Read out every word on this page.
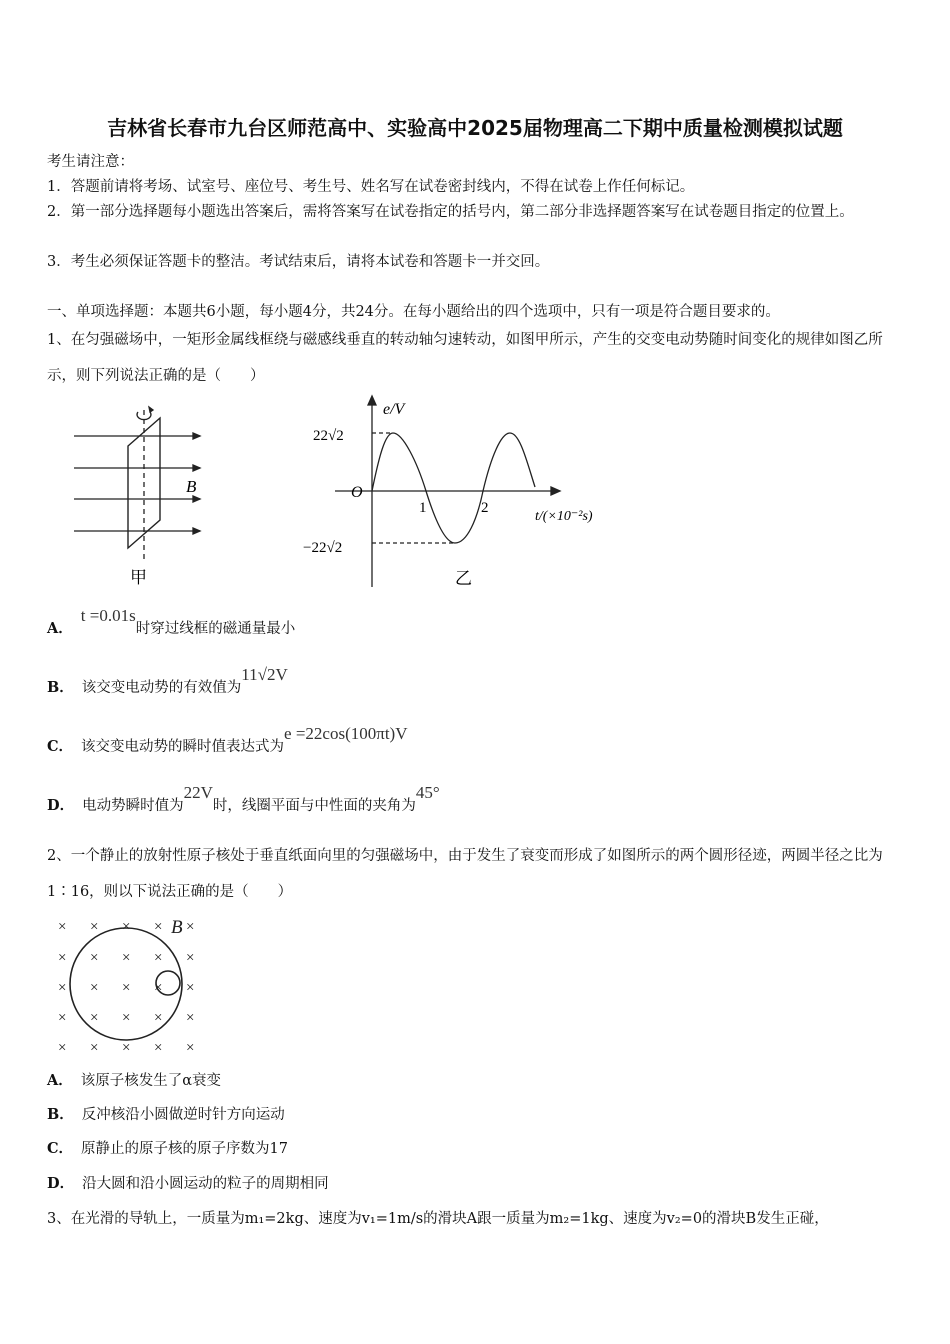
吉林省长春市九台区师范高中、实验高中2025届物理高二下期中质量检测模拟试题
考生请注意：
1．答题前请将考场、试室号、座位号、考生号、姓名写在试卷密封线内，不得在试卷上作任何标记。
2．第一部分选择题每小题选出答案后，需将答案写在试卷指定的括号内，第二部分非选择题答案写在试卷题目指定的位置上。
3．考生必须保证答题卡的整洁。考试结束后，请将本试卷和答题卡一并交回。
一、单项选择题：本题共6小题，每小题4分，共24分。在每小题给出的四个选项中，只有一项是符合题目要求的。
1、在匀强磁场中，一矩形金属线框绕与磁感线垂直的转动轴匀速转动，如图甲所示，产生的交变电动势随时间变化的规律如图乙所示，则下列说法正确的是（　　）
B
甲
e/V
22√2
−22√2
O
1	2
t/(×10⁻²s)
乙
A．t =0.01s时穿过线框的磁通量最小
B． 该交变电动势的有效值为11√2V
C． 该交变电动势的瞬时值表达式为e =22cos(100πt)V
D． 电动势瞬时值为22V时，线圈平面与中性面的夹角为45°
2、一个静止的放射性原子核处于垂直纸面向里的匀强磁场中，由于发生了衰变而形成了如图所示的两个圆形径迹，两圆半径之比为1∶16，则以下说法正确的是（　　）
× × × × ×
× × × × ×
× × × × ×
× × × × ×
× × × × ×
B
A． 该原子核发生了α衰变
B． 反冲核沿小圆做逆时针方向运动
C． 原静止的原子核的原子序数为17
D． 沿大圆和沿小圆运动的粒子的周期相同
3、在光滑的导轨上，一质量为m₁=2kg、速度为v₁=1m/s的滑块A跟一质量为m₂=1kg、速度为v₂=0的滑块B发生正碰，
